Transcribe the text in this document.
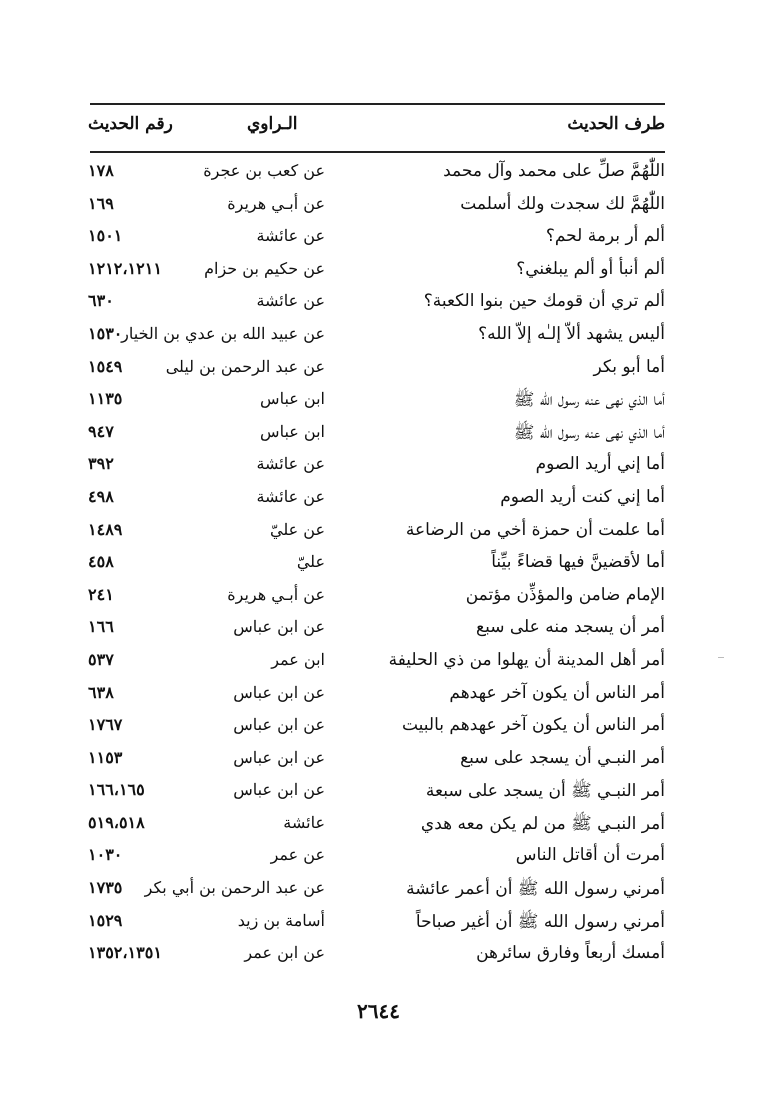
طرف الحديث
الـراوي
رقم الحديث
اللّٰهُمَّ صلِّ على محمد وآل محمد
عن كعب بن عجرة
١٧٨
اللّٰهُمَّ لك سجدت ولك أسلمت
عن أبـي هريرة
١٦٩
ألم أر برمة لحم؟
عن عائشة
١٥٠١
ألم أنبأ أو ألم يبلغني؟
عن حكيم بن حزام
١٢١٢،١٢١١
ألم تري أن قومك حين بنوا الكعبة؟
عن عائشة
٦٣٠
أليس يشهد ألاّ إلـٰه إلاّ الله؟
عن عبيد الله بن عدي بن الخيار
١٥٣٠
أما أبو بكر
عن عبد الرحمن بن ليلى
١٥٤٩
أما الذي نهى عنه رسول الله ﷺ
ابن عباس
١١٣٥
أما الذي نهى عنه رسول الله ﷺ
ابن عباس
٩٤٧
أما إني أريد الصوم
عن عائشة
٣٩٢
أما إني كنت أريد الصوم
عن عائشة
٤٩٨
أما علمت أن حمزة أخي من الرضاعة
عن عليّ
١٤٨٩
أما لأقضينَّ فيها قضاءً بيِّناً
عليّ
٤٥٨
الإمام ضامن والمؤذِّن مؤتمن
عن أبـي هريرة
٢٤١
أمر أن يسجد منه على سبع
عن ابن عباس
١٦٦
أمر أهل المدينة أن يهلوا من ذي الحليفة
ابن عمر
٥٣٧
أمر الناس أن يكون آخر عهدهم
عن ابن عباس
٦٣٨
أمر الناس أن يكون آخر عهدهم بالبيت
عن ابن عباس
١٧٦٧
أمر النبـي أن يسجد على سبع
عن ابن عباس
١١٥٣
أمر النبـي ﷺ أن يسجد على سبعة
عن ابن عباس
١٦٦،١٦٥
أمر النبـي ﷺ من لم يكن معه هدي
عائشة
٥١٩،٥١٨
أمرت أن أقاتل الناس
عن عمر
١٠٣٠
أمرني رسول الله ﷺ أن أعمر عائشة
عن عبد الرحمن بن أبي بكر
١٧٣٥
أمرني رسول الله ﷺ أن أغير صباحاً
أسامة بن زيد
١٥٢٩
أمسك أربعاً وفارق سائرهن
عن ابن عمر
١٣٥٢،١٣٥١
٢٦٤٤
